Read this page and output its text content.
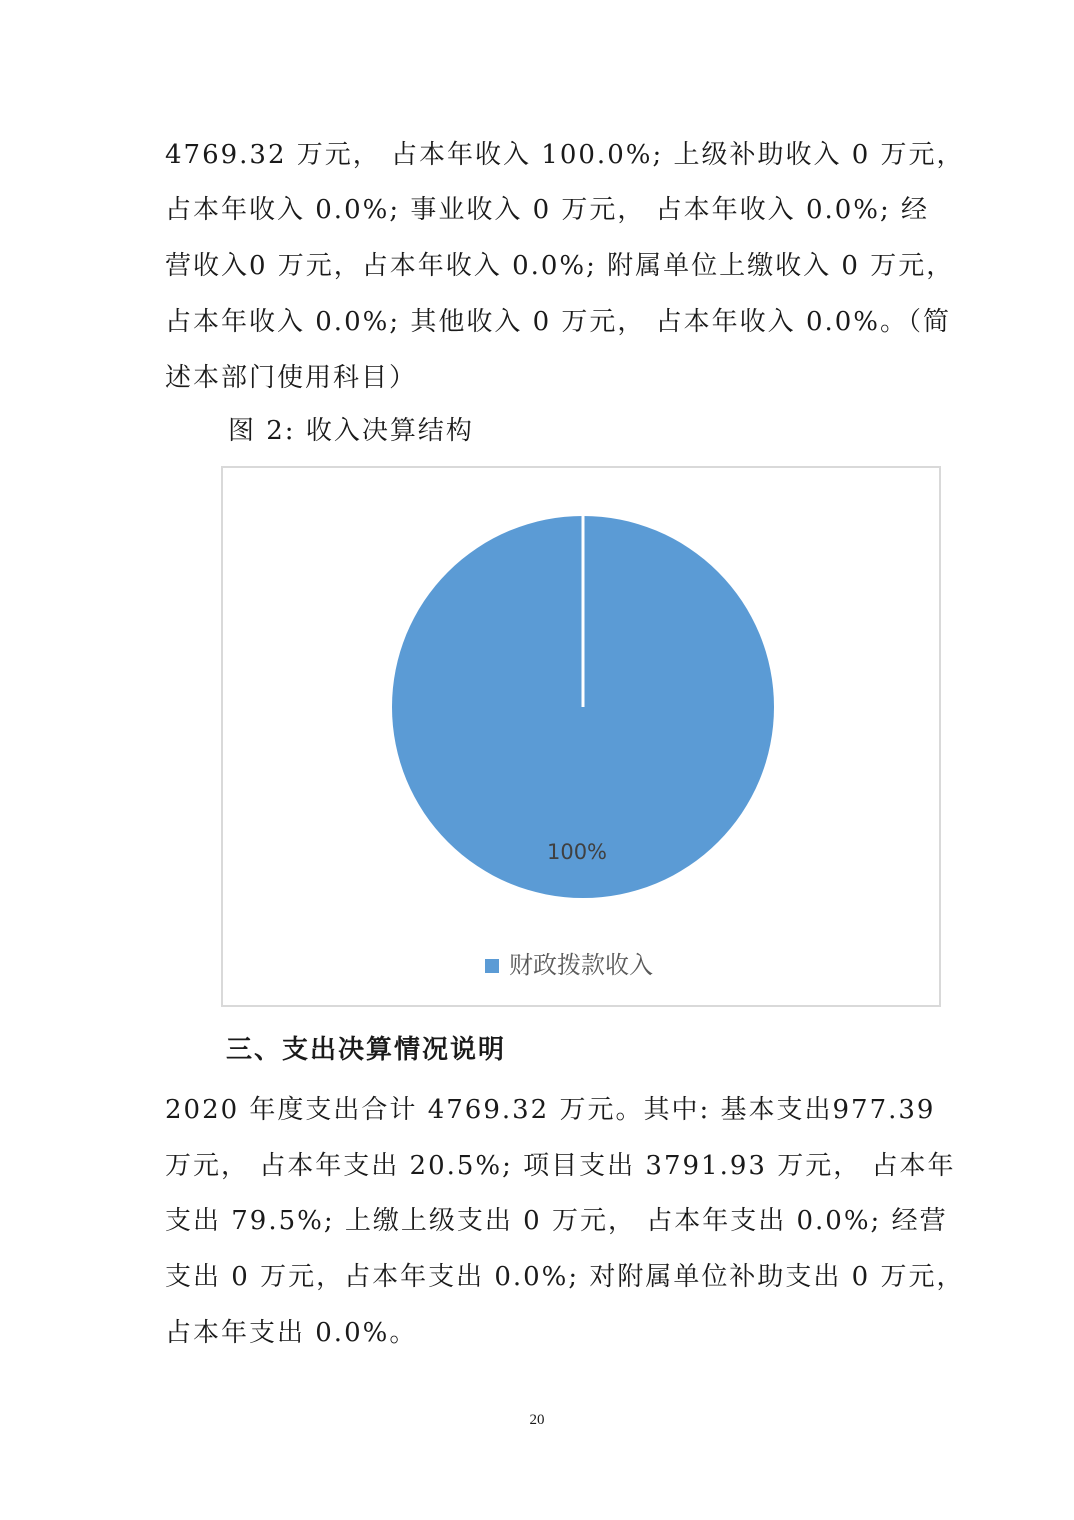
4769.32 万元， 占本年收入 100.0%; 上级补助收入 0 万元，
占本年收入 0.0%; 事业收入 0 万元， 占本年收入 0.0%; 经
营收入0 万元，占本年收入 0.0%; 附属单位上缴收入 0 万元，
占本年收入 0.0%; 其他收入 0 万元， 占本年收入 0.0%。（简
述本部门使用科目）
图 2: 收入决算结构
100%
财政拨款收入
三、支出决算情况说明
2020 年度支出合计 4769.32 万元。其中: 基本支出977.39
万元， 占本年支出 20.5%; 项目支出 3791.93 万元， 占本年
支出 79.5%; 上缴上级支出 0 万元， 占本年支出 0.0%; 经营
支出 0 万元，占本年支出 0.0%; 对附属单位补助支出 0 万元，
占本年支出 0.0%。
20
